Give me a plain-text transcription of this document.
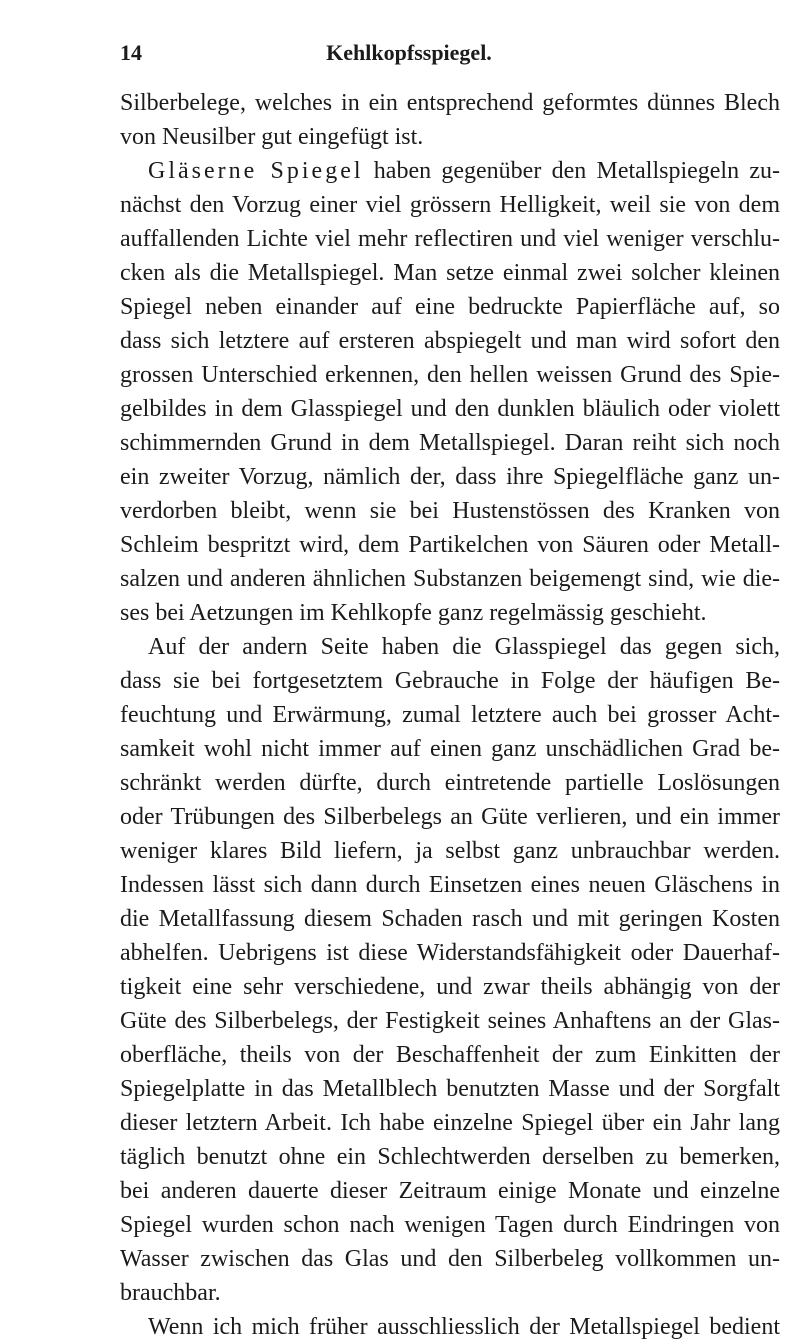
14	Kehlkopfsspiegel.
Silberbelege, welches in ein entsprechend geformtes dünnes Blech
von Neusilber gut eingefügt ist.
Gläserne Spiegel haben gegenüber den Metallspiegeln zu-
nächst den Vorzug einer viel grössern Helligkeit, weil sie von dem
auffallenden Lichte viel mehr reflectiren und viel weniger verschlu-
cken als die Metallspiegel. Man setze einmal zwei solcher kleinen
Spiegel neben einander auf eine bedruckte Papierfläche auf, so
dass sich letztere auf ersteren abspiegelt und man wird sofort den
grossen Unterschied erkennen, den hellen weissen Grund des Spie-
gelbildes in dem Glasspiegel und den dunklen bläulich oder violett
schimmernden Grund in dem Metallspiegel. Daran reiht sich noch
ein zweiter Vorzug, nämlich der, dass ihre Spiegelfläche ganz un-
verdorben bleibt, wenn sie bei Hustenstössen des Kranken von
Schleim bespritzt wird, dem Partikelchen von Säuren oder Metall-
salzen und anderen ähnlichen Substanzen beigemengt sind, wie die-
ses bei Aetzungen im Kehlkopfe ganz regelmässig geschieht.
Auf der andern Seite haben die Glasspiegel das gegen sich,
dass sie bei fortgesetztem Gebrauche in Folge der häufigen Be-
feuchtung und Erwärmung, zumal letztere auch bei grosser Acht-
samkeit wohl nicht immer auf einen ganz unschädlichen Grad be-
schränkt werden dürfte, durch eintretende partielle Loslösungen
oder Trübungen des Silberbelegs an Güte verlieren, und ein immer
weniger klares Bild liefern, ja selbst ganz unbrauchbar werden.
Indessen lässt sich dann durch Einsetzen eines neuen Gläschens in
die Metallfassung diesem Schaden rasch und mit geringen Kosten
abhelfen. Uebrigens ist diese Widerstandsfähigkeit oder Dauerhaf-
tigkeit eine sehr verschiedene, und zwar theils abhängig von der
Güte des Silberbelegs, der Festigkeit seines Anhaftens an der Glas-
oberfläche, theils von der Beschaffenheit der zum Einkitten der
Spiegelplatte in das Metallblech benutzten Masse und der Sorgfalt
dieser letztern Arbeit. Ich habe einzelne Spiegel über ein Jahr lang
täglich benutzt ohne ein Schlechtwerden derselben zu bemerken,
bei anderen dauerte dieser Zeitraum einige Monate und einzelne
Spiegel wurden schon nach wenigen Tagen durch Eindringen von
Wasser zwischen das Glas und den Silberbeleg vollkommen un-
brauchbar.
Wenn ich mich früher ausschliesslich der Metallspiegel bedient
